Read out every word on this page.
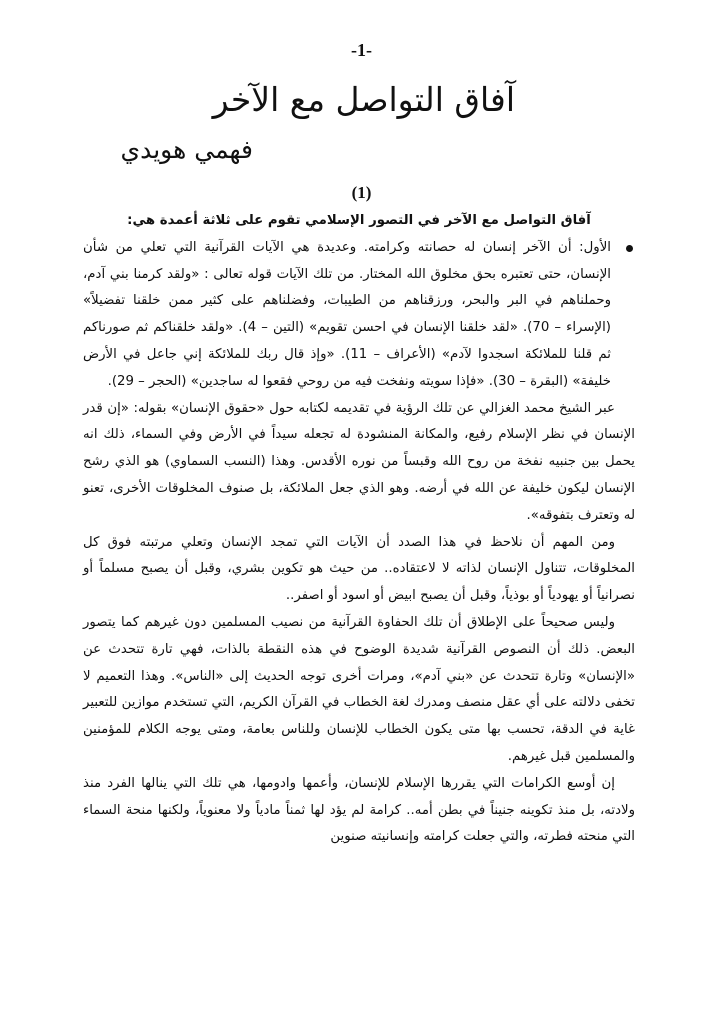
-1-
آفاق التواصل مع الآخر
فهمي هويدي
(1)

آفاق التواصل مع الآخر في التصور الإسلامي تقوم على ثلاثة أعمدة هي:

الأول: أن الآخر إنسان له حصانته وكرامته. وعديدة هي الآيات القرآنية التي تعلي من شأن الإنسان، حتى تعتبره بحق مخلوق الله المختار. من تلك الآيات قوله تعالى : «ولقد كرمنا بني آدم، وحملناهم في البر والبحر، ورزقناهم من الطيبات، وفضلناهم على كثير ممن خلقنا تفضيلاً» (الإسراء – 70). «لقد خلقنا الإنسان في احسن تقويم» (التين – 4). «ولقد خلقناكم ثم صورناكم ثم قلنا للملائكة اسجدوا لآدم» (الأعراف – 11). «وإذ قال ربك للملائكة إني جاعل في الأرض خليفة» (البقرة – 30). «فإذا سويته ونفخت فيه من روحي فقعوا له ساجدين» (الحجر – 29).

عبر الشيخ محمد الغزالي عن تلك الرؤية في تقديمه لكتابه حول «حقوق الإنسان» بقوله: «إن قدر الإنسان في نظر الإسلام رفيع، والمكانة المنشودة له تجعله سيداً في الأرض وفي السماء، ذلك انه يحمل بين جنبيه نفخة من روح الله وقبساً من نوره الأقدس. وهذا (النسب السماوي) هو الذي رشح الإنسان ليكون خليفة عن الله في أرضه. وهو الذي جعل الملائكة، بل صنوف المخلوقات الأخرى، تعنو له وتعترف بتفوقه».

ومن المهم أن نلاحظ في هذا الصدد أن الآيات التي تمجد الإنسان وتعلي مرتبته فوق كل المخلوقات، تتناول الإنسان لذاته لا لاعتقاده.. من حيث هو تكوين بشري، وقبل أن يصبح مسلماً أو نصرانياً أو يهودياً أو بوذياً، وقبل أن يصبح ابيض أو اسود أو اصفر..

وليس صحيحاً على الإطلاق أن تلك الحفاوة القرآنية من نصيب المسلمين دون غيرهم كما يتصور البعض. ذلك أن النصوص القرآنية شديدة الوضوح في هذه النقطة بالذات، فهي تارة تتحدث عن «الإنسان» وتارة تتحدث عن «بني آدم»، ومرات أخرى توجه الحديث إلى «الناس». وهذا التعميم لا تخفى دلالته على أي عقل منصف ومدرك لغة الخطاب في القرآن الكريم، التي تستخدم موازين للتعبير غاية في الدقة، تحسب بها متى يكون الخطاب للإنسان وللناس بعامة، ومتى يوجه الكلام للمؤمنين والمسلمين قبل غيرهم.

إن أوسع الكرامات التي يقررها الإسلام للإنسان، وأعمها وادومها، هي تلك التي ينالها الفرد منذ ولادته، بل منذ تكوينه جنيناً في بطن أمه.. كرامة لم يؤد لها ثمناً مادياً ولا معنوياً، ولكنها منحة السماء التي منحته فطرته، والتي جعلت كرامته وإنسانيته صنوين
